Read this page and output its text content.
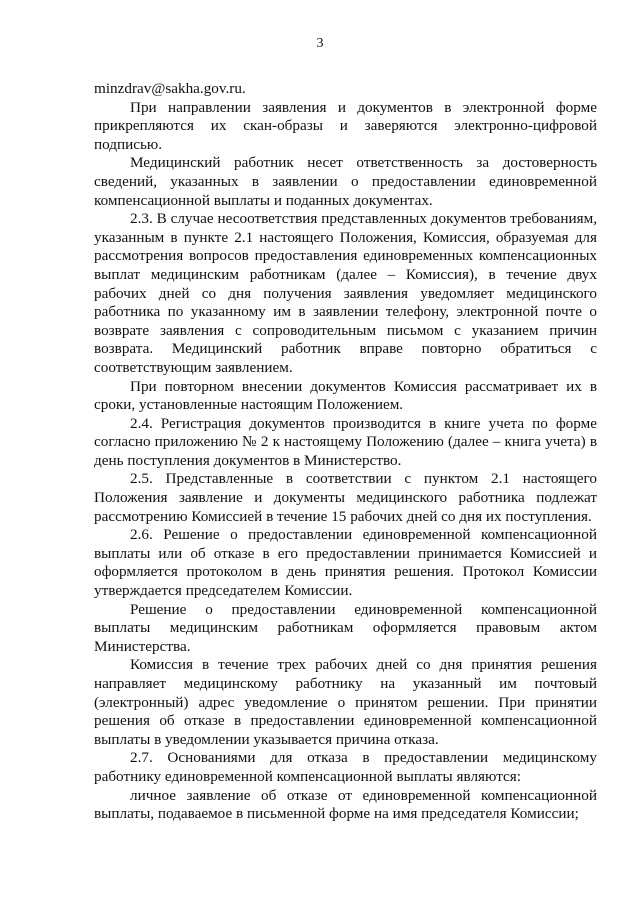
3

minzdrav@sakha.gov.ru.

При направлении заявления и документов в электронной форме прикрепляются их скан-образы и заверяются электронно-цифровой подписью.

Медицинский работник несет ответственность за достоверность сведений, указанных в заявлении о предоставлении единовременной компенсационной выплаты и поданных документах.

2.3. В случае несоответствия представленных документов требованиям, указанным в пункте 2.1 настоящего Положения, Комиссия, образуемая для рассмотрения вопросов предоставления единовременных компенсационных выплат медицинским работникам (далее – Комиссия), в течение двух рабочих дней со дня получения заявления уведомляет медицинского работника по указанному им в заявлении телефону, электронной почте о возврате заявления с сопроводительным письмом с указанием причин возврата. Медицинский работник вправе повторно обратиться с соответствующим заявлением.

При повторном внесении документов Комиссия рассматривает их в сроки, установленные настоящим Положением.

2.4. Регистрация документов производится в книге учета по форме согласно приложению № 2 к настоящему Положению (далее – книга учета) в день поступления документов в Министерство.

2.5. Представленные в соответствии с пунктом 2.1 настоящего Положения заявление и документы медицинского работника подлежат рассмотрению Комиссией в течение 15 рабочих дней со дня их поступления.

2.6. Решение о предоставлении единовременной компенсационной выплаты или об отказе в его предоставлении принимается Комиссией и оформляется протоколом в день принятия решения. Протокол Комиссии утверждается председателем Комиссии.

Решение о предоставлении единовременной компенсационной выплаты медицинским работникам оформляется правовым актом Министерства.

Комиссия в течение трех рабочих дней со дня принятия решения направляет медицинскому работнику на указанный им почтовый (электронный) адрес уведомление о принятом решении. При принятии решения об отказе в предоставлении единовременной компенсационной выплаты в уведомлении указывается причина отказа.

2.7. Основаниями для отказа в предоставлении медицинскому работнику единовременной компенсационной выплаты являются:

личное заявление об отказе от единовременной компенсационной выплаты, подаваемое в письменной форме на имя председателя Комиссии;
